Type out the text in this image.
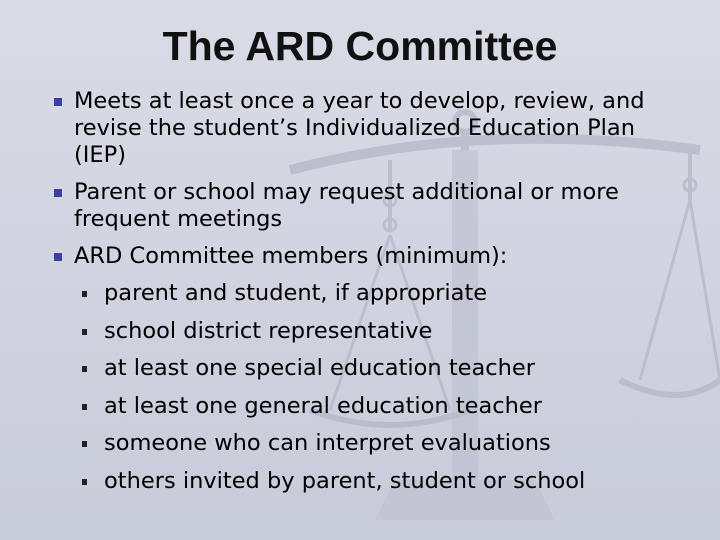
The ARD Committee
Meets at least once a year to develop, review, and revise the student’s Individualized Education Plan (IEP)
Parent or school may request additional or more frequent meetings
ARD Committee members (minimum):
parent and student, if appropriate
school district representative
at least one special education teacher
at least one general education teacher
someone who can interpret evaluations
others invited by parent, student or school
